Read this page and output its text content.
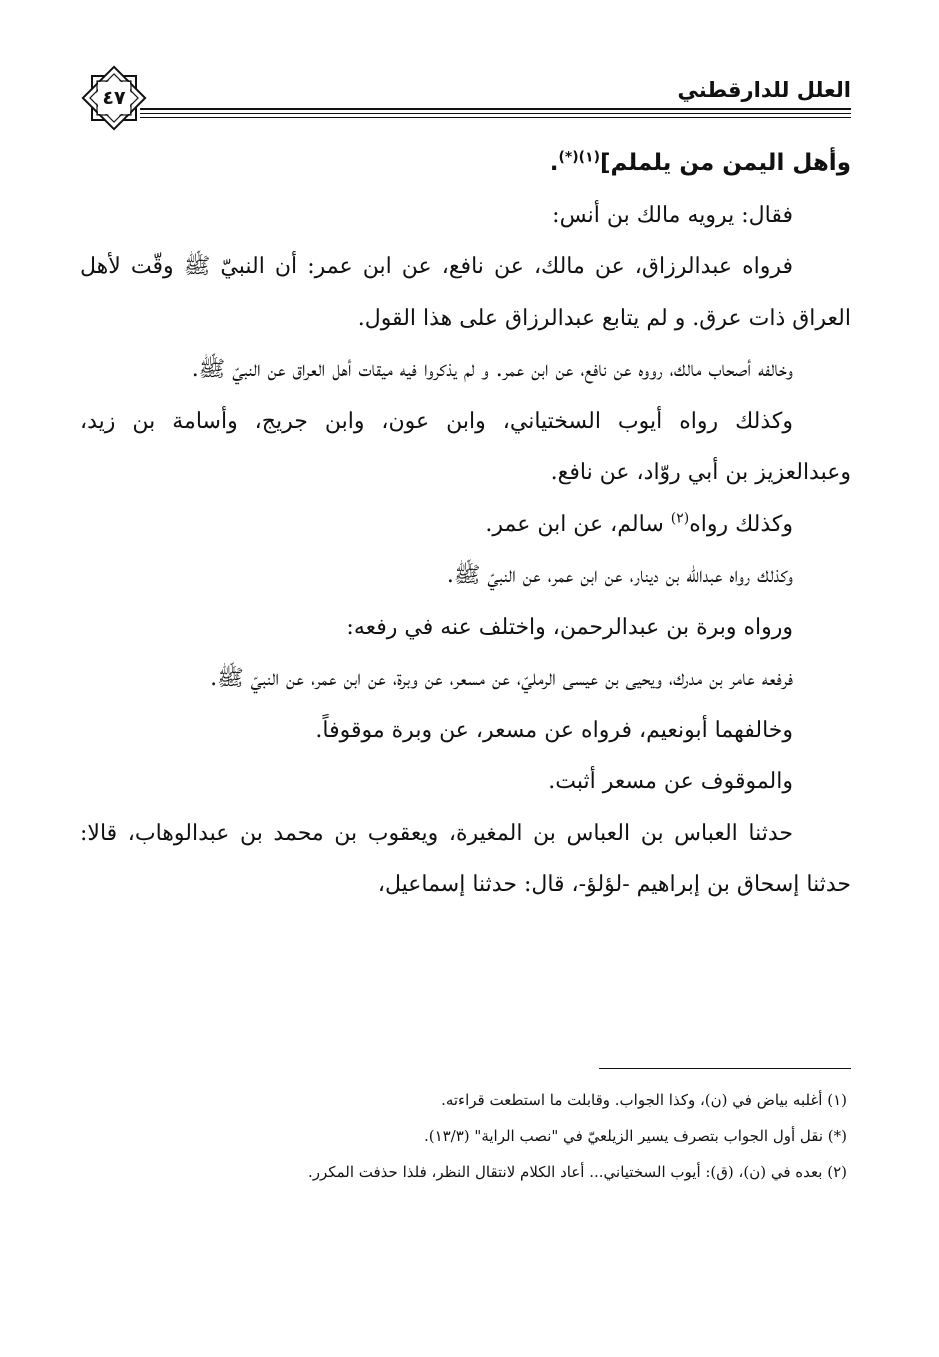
العلل للدارقطني
٤٧

وأهل اليمن من يلملم]$^{(١)(*)}$.

فقال: يرويه مالك بن أنس:

فرواه عبدالرزاق، عن مالك، عن نافع، عن ابن عمر: أن النبيّ ﷺ وقّت لأهل العراق ذات عرق. و لم يتابع عبدالرزاق على هذا القول.

وخالفه أصحاب مالك، رووه عن نافع، عن ابن عمر. و لم يذكروا فيه ميقات أهل العراق عن النبيّ ﷺ.

وكذلك رواه أيوب السختياني، وابن عون، وابن جريج، وأسامة بن زيد، وعبدالعزيز بن أبي روّاد، عن نافع.

وكذلك رواه$^{(٢)}$ سالم، عن ابن عمر.

وكذلك رواه عبدالله بن دينار، عن ابن عمر، عن النبيّ ﷺ.

ورواه وبرة بن عبدالرحمن، واختلف عنه في رفعه:

فرفعه عامر بن مدرك، ويحيى بن عيسى الرمليّ، عن مسعر، عن وبرة، عن ابن عمر، عن النبيّ ﷺ.

وخالفهما أبونعيم، فرواه عن مسعر، عن وبرة موقوفاً.

والموقوف عن مسعر أثبت.

حدثنا العباس بن العباس بن المغيرة، ويعقوب بن محمد بن عبدالوهاب، قالا: حدثنا إسحاق بن إبراهيم -لؤلؤ-، قال: حدثنا إسماعيل،

(١) أغلبه بياض في (ن)، وكذا الجواب. وقابلت ما استطعت قراءته.

(*) نقل أول الجواب بتصرف يسير الزيلعيّ في "نصب الراية" (١٣/٣).

(٢) بعده في (ن)، (ق): أيوب السختياني... أعاد الكلام لانتقال النظر، فلذا حذفت المكرر.
